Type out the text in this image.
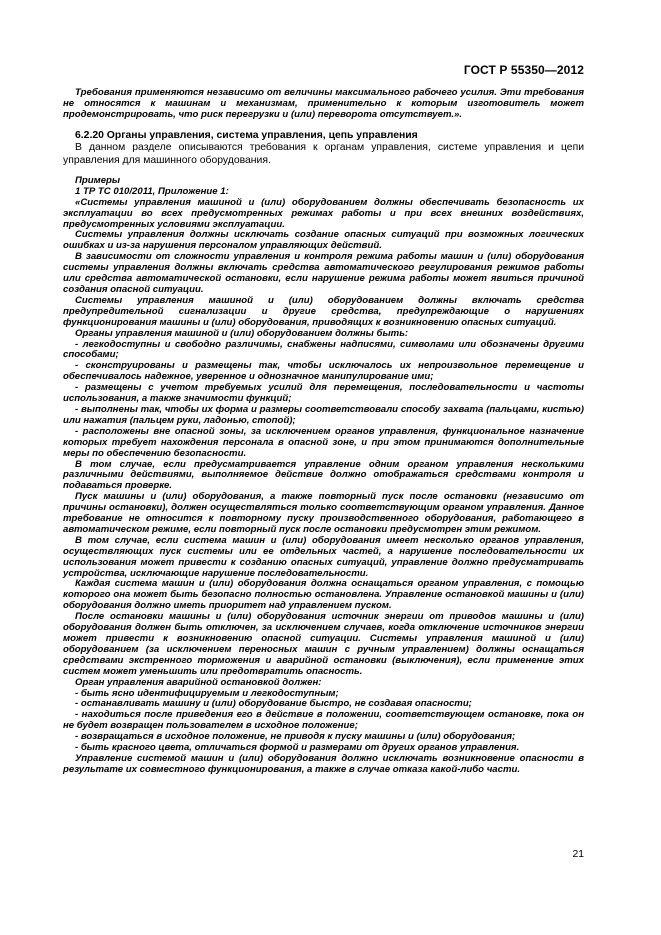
ГОСТ Р 55350—2012

Требования применяются независимо от величины максимального рабочего усилия. Эти требования не относятся к машинам и механизмам, применительно к которым изготовитель может продемонстрировать, что риск перегрузки и (или) переворота отсутствует.».

6.2.20 Органы управления, система управления, цепь управления

В данном разделе описываются требования к органам управления, системе управления и цепи управления для машинного оборудования.

Примеры

1 ТР ТС 010/2011, Приложение 1:

«Системы управления машиной и (или) оборудованием должны обеспечивать безопасность их эксплуатации во всех предусмотренных режимах работы и при всех внешних воздействиях, предусмотренных условиями эксплуатации.

Системы управления должны исключать создание опасных ситуаций при возможных логических ошибках и из-за нарушения персоналом управляющих действий.

В зависимости от сложности управления и контроля режима работы машин и (или) оборудования системы управления должны включать средства автоматического регулирования режимов работы или средства автоматической остановки, если нарушение режима работы может явиться причиной создания опасной ситуации.

Системы управления машиной и (или) оборудованием должны включать средства предупредительной сигнализации и другие средства, предупреждающие о нарушениях функционирования машины и (или) оборудования, приводящих к возникновению опасных ситуаций.

Органы управления машиной и (или) оборудованием должны быть:

- легкодоступны и свободно различимы, снабжены надписями, символами или обозначены другими способами;

- сконструированы и размещены так, чтобы исключалось их непроизвольное перемещение и обеспечивалось надежное, уверенное и однозначное манипулирование ими;

- размещены с учетом требуемых усилий для перемещения, последовательности и частоты использования, а также значимости функций;

- выполнены так, чтобы их форма и размеры соответствовали способу захвата (пальцами, кистью) или нажатия (пальцем руки, ладонью, стопой);

- расположены вне опасной зоны, за исключением органов управления, функциональное назначение которых требует нахождения персонала в опасной зоне, и при этом принимаются дополнительные меры по обеспечению безопасности.

В том случае, если предусматривается управление одним органом управления несколькими различными действиями, выполняемое действие должно отображаться средствами контроля и подаваться проверке.

Пуск машины и (или) оборудования, а также повторный пуск после остановки (независимо от причины остановки), должен осуществляться только соответствующим органом управления. Данное требование не относится к повторному пуску производственного оборудования, работающего в автоматическом режиме, если повторный пуск после остановки предусмотрен этим режимом.

В том случае, если система машин и (или) оборудования имеет несколько органов управления, осуществляющих пуск системы или ее отдельных частей, а нарушение последовательности их использования может привести к созданию опасных ситуаций, управление должно предусматривать устройства, исключающие нарушение последовательности.

Каждая система машин и (или) оборудования должна оснащаться органом управления, с помощью которого она может быть безопасно полностью остановлена. Управление остановкой машины и (или) оборудования должно иметь приоритет над управлением пуском.

После остановки машины и (или) оборудования источник энергии от приводов машины и (или) оборудования должен быть отключен, за исключением случаев, когда отключение источников энергии может привести к возникновению опасной ситуации. Системы управления машиной и (или) оборудованием (за исключением переносных машин с ручным управлением) должны оснащаться средствами экстренного торможения и аварийной остановки (выключения), если применение этих систем может уменьшить или предотвратить опасность.

Орган управления аварийной остановкой должен:

- быть ясно идентифицируемым и легкодоступным;

- останавливать машину и (или) оборудование быстро, не создавая опасности;

- находиться после приведения его в действие в положении, соответствующем остановке, пока он не будет возвращен пользователем в исходное положение;

- возвращаться в исходное положение, не приводя к пуску машины и (или) оборудования;

- быть красного цвета, отличаться формой и размерами от других органов управления.

Управление системой машин и (или) оборудования должно исключать возникновение опасности в результате их совместного функционирования, а также в случае отказа какой-либо части.

21
